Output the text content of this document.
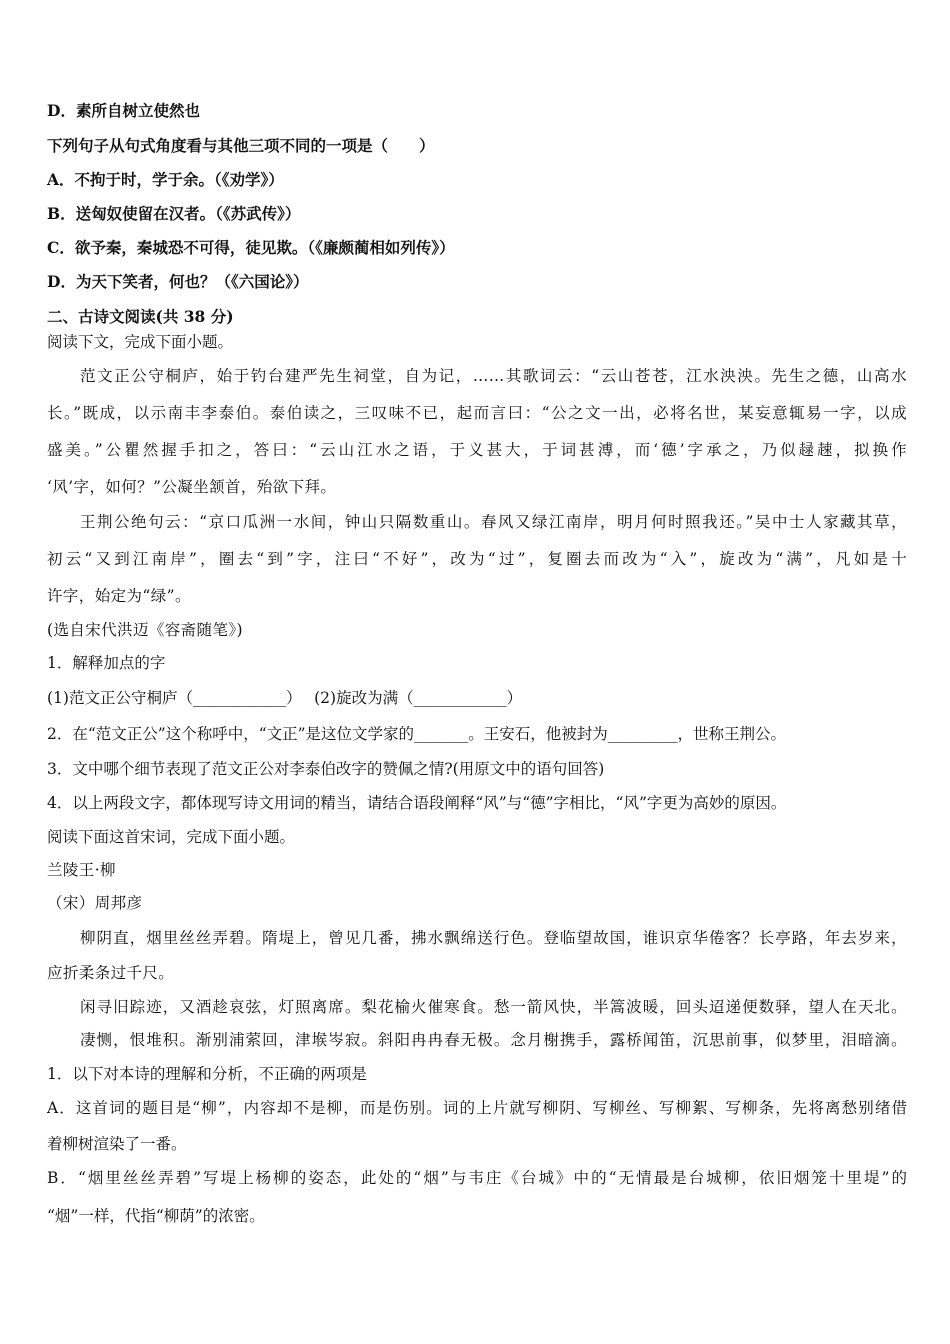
D．素所自树立使然也
下列句子从句式角度看与其他三项不同的一项是（　　）
A．不拘于时，学于余。（《劝学》）
B．送匈奴使留在汉者。（《苏武传》）
C．欲予秦，秦城恐不可得，徒见欺。（《廉颇蔺相如列传》）
D．为天下笑者，何也？（《六国论》）
二、古诗文阅读(共 38 分)
阅读下文，完成下面小题。
范文正公守桐庐，始于钓台建严先生祠堂，自为记，……其歌词云：“云山苍苍，江水泱泱。先生之德，山高水
长。”既成，以示南丰李泰伯。泰伯读之，三叹味不已，起而言曰：“公之文一出，必将名世，某妄意辄易一字，以成
盛美。”公瞿然握手扣之，答曰：“云山江水之语，于义甚大，于词甚溥，而‘德’字承之，乃似趢趚，拟换作
‘风’字，如何？”公凝坐颔首，殆欲下拜。
王荆公绝句云：“京口瓜洲一水间，钟山只隔数重山。春风又绿江南岸，明月何时照我还。”吴中士人家藏其草，
初云“又到江南岸”，圈去“到”字，注曰“不好”，改为“过”，复圈去而改为“入”，旋改为“满”，凡如是十
许字，始定为“绿”。
(选自宋代洪迈《容斋随笔》)
1．解释加点的字
(1)范文正公守桐庐（____________）　 (2)旋改为满（____________）
2．在“范文正公”这个称呼中，“文正”是这位文学家的_______。王安石，他被封为_________，世称王荆公。
3．文中哪个细节表现了范文正公对李泰伯改字的赞佩之情?(用原文中的语句回答)
4．以上两段文字，都体现写诗文用词的精当，请结合语段阐释“风”与“德”字相比，“风”字更为高妙的原因。
阅读下面这首宋词，完成下面小题。
兰陵王·柳
（宋）周邦彦
柳阴直，烟里丝丝弄碧。隋堤上，曾见几番，拂水飘绵送行色。登临望故国，谁识京华倦客？长亭路，年去岁来，
应折柔条过千尺。
闲寻旧踪迹，又酒趁哀弦，灯照离席。梨花榆火催寒食。愁一箭风快，半篙波暖，回头迢递便数驿，望人在天北。
凄恻，恨堆积。渐别浦萦回，津堠岑寂。斜阳冉冉春无极。念月榭携手，露桥闻笛，沉思前事，似梦里，泪暗滴。
1．以下对本诗的理解和分析，不正确的两项是
A．这首词的题目是“柳”，内容却不是柳，而是伤别。词的上片就写柳阴、写柳丝、写柳絮、写柳条，先将离愁别绪借
着柳树渲染了一番。
B．“烟里丝丝弄碧”写堤上杨柳的姿态，此处的“烟”与韦庄《台城》中的“无情最是台城柳，依旧烟笼十里堤”的
“烟”一样，代指“柳荫”的浓密。
